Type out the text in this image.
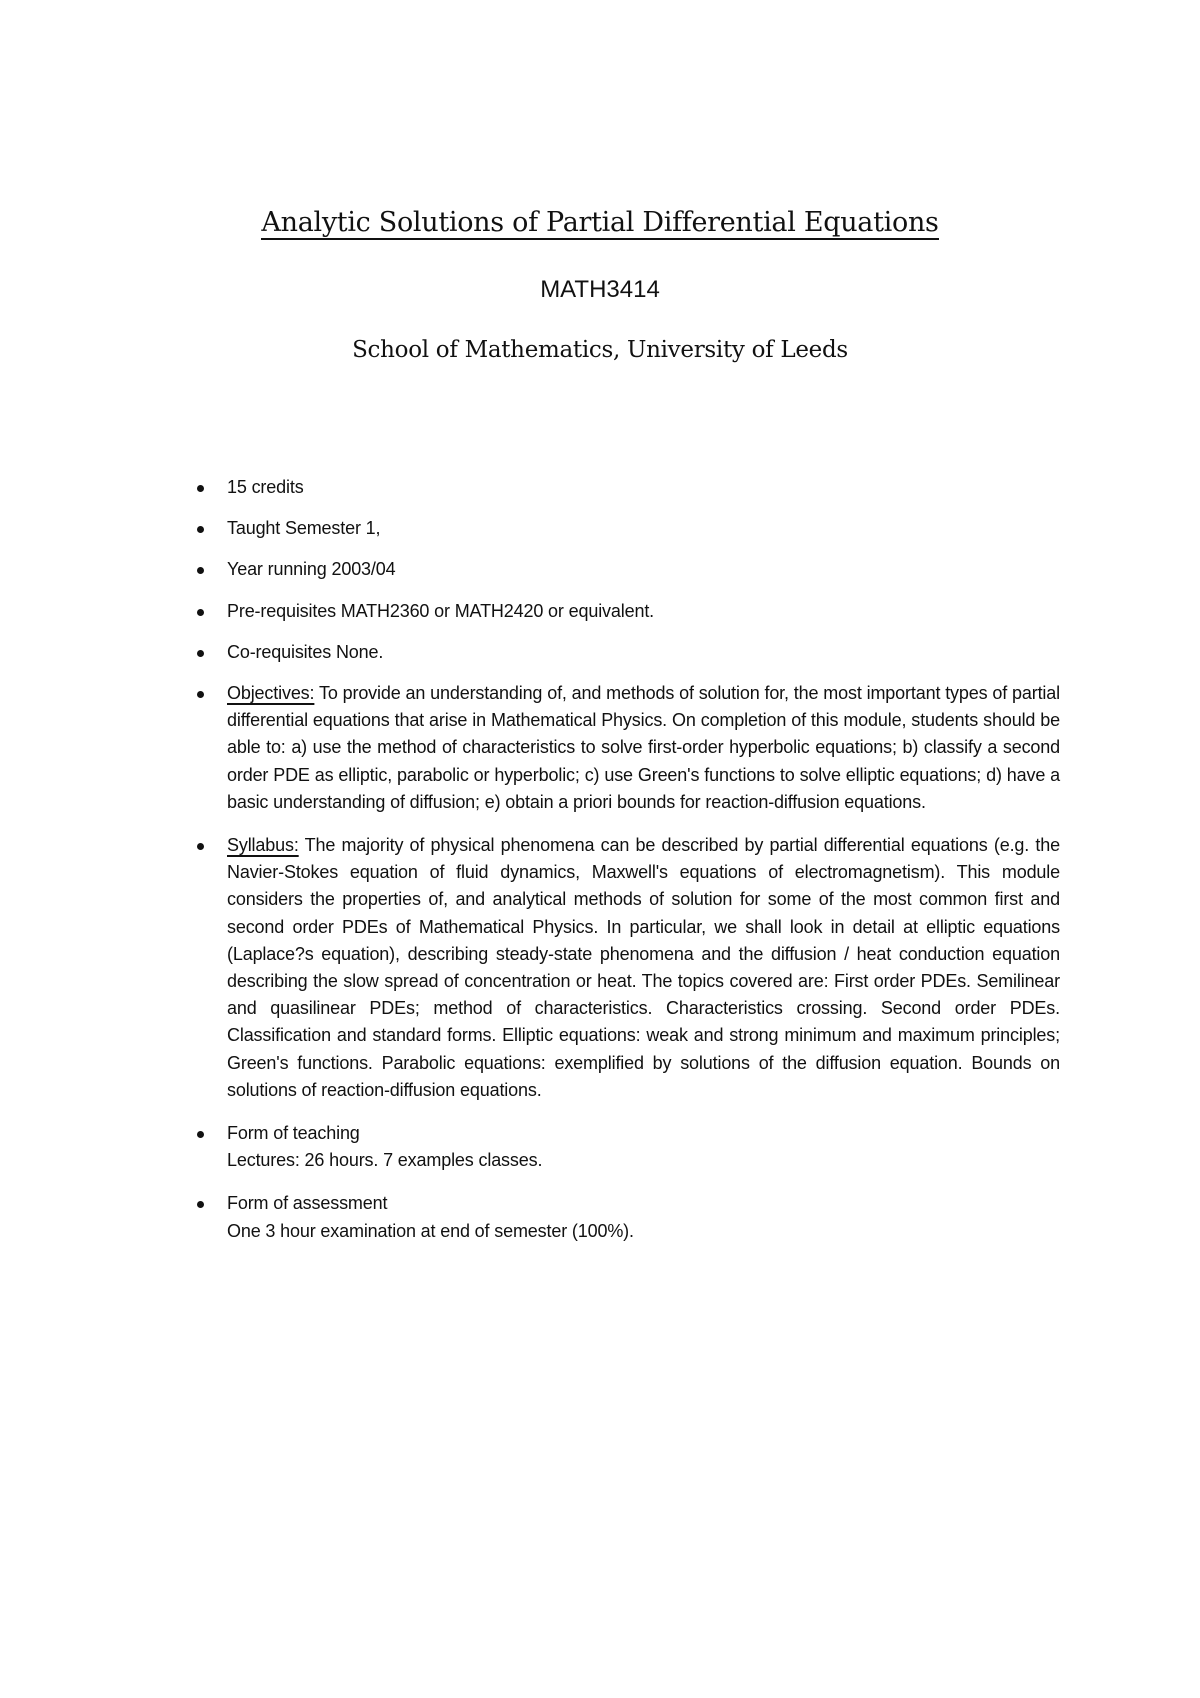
Analytic Solutions of Partial Differential Equations
MATH3414
School of Mathematics, University of Leeds
15 credits
Taught Semester 1,
Year running 2003/04
Pre-requisites MATH2360 or MATH2420 or equivalent.
Co-requisites None.
Objectives: To provide an understanding of, and methods of solution for, the most important types of partial differential equations that arise in Mathematical Physics. On completion of this module, students should be able to: a) use the method of characteristics to solve first-order hyperbolic equations; b) classify a second order PDE as elliptic, parabolic or hyperbolic; c) use Green's functions to solve elliptic equations; d) have a basic understanding of diffusion; e) obtain a priori bounds for reaction-diffusion equations.
Syllabus: The majority of physical phenomena can be described by partial differential equations (e.g. the Navier-Stokes equation of fluid dynamics, Maxwell's equations of electromagnetism). This module considers the properties of, and analytical methods of solution for some of the most common first and second order PDEs of Mathematical Physics. In particular, we shall look in detail at elliptic equations (Laplace?s equation), describing steady-state phenomena and the diffusion / heat conduction equation describing the slow spread of concentration or heat. The topics covered are: First order PDEs. Semilinear and quasilinear PDEs; method of characteristics. Characteristics crossing. Second order PDEs. Classification and standard forms. Elliptic equations: weak and strong minimum and maximum principles; Green's functions. Parabolic equations: exemplified by solutions of the diffusion equation. Bounds on solutions of reaction-diffusion equations.
Form of teaching
Lectures: 26 hours. 7 examples classes.
Form of assessment
One 3 hour examination at end of semester (100%).
